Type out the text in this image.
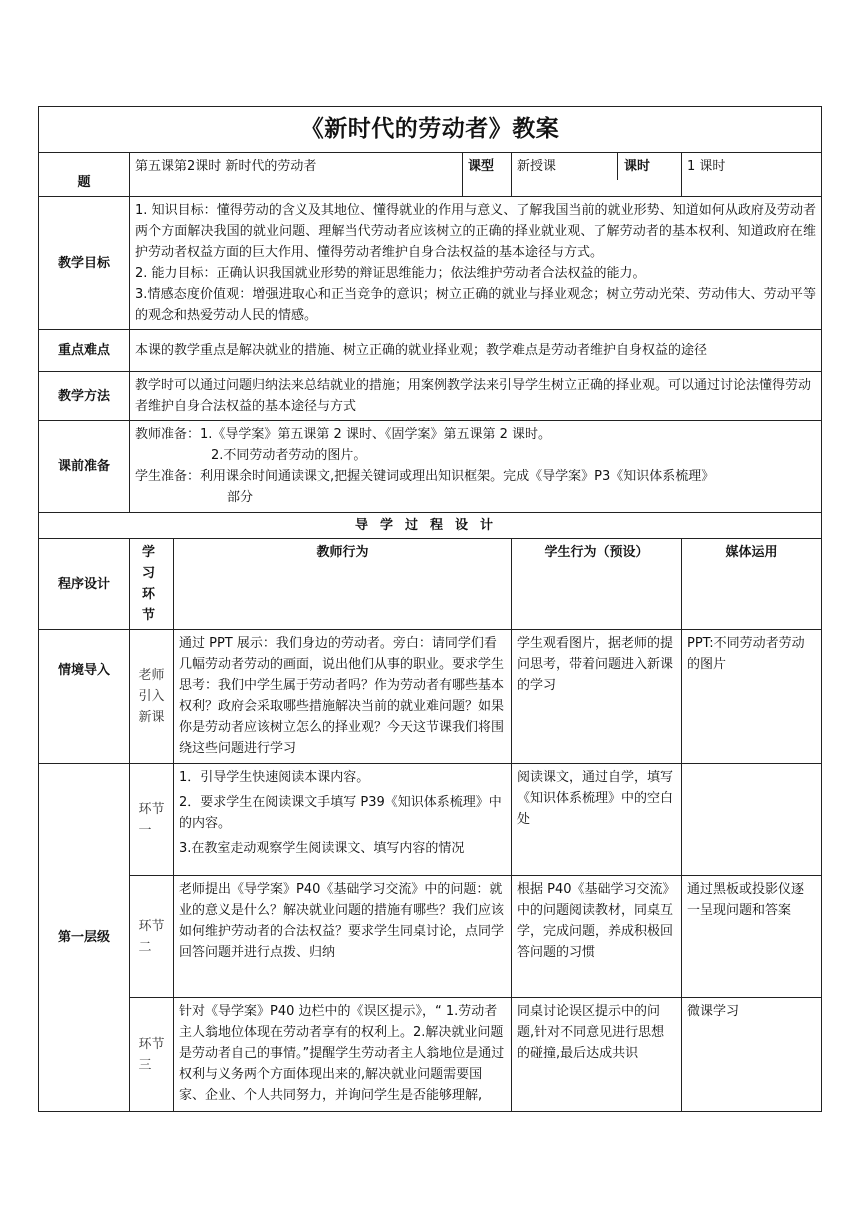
《新时代的劳动者》教案					
题	第五课第2课时 新时代的劳动者		课型	新授课 课时	1 课时
教学目标	1. 知识目标：懂得劳动的含义及其地位、懂得就业的作用与意义、了解我国当前的就业形势、知道如何从政府及劳动者两个方面解决我国的就业问题、理解当代劳动者应该树立的正确的择业就业观、了解劳动者的基本权利、知道政府在维护劳动者权益方面的巨大作用、懂得劳动者维护自身合法权益的基本途径与方式。

2. 能力目标：正确认识我国就业形势的辩证思维能力；依法维护劳动者合法权益的能力。

3.情感态度价值观：增强进取心和正当竞争的意识；树立正确的就业与择业观念；树立劳动光荣、劳动伟大、劳动平等的观念和热爱劳动人民的情感。				

重点难点	本课的教学重点是解决就业的措施、树立正确的就业择业观；教学难点是劳动者维护自身权益的途径				
教学方法	教学时可以通过问题归纳法来总结就业的措施；用案例教学法来引导学生树立正确的择业观。可以通过讨论法懂得劳动者维护自身合法权益的基本途径与方式				
课前准备	教师准备：1.《导学案》第五课第 2 课时、《固学案》第五课第 2 课时。

2.不同劳动者劳动的图片。

学生准备：利用课余时间通读课文,把握关键词或理出知识框架。完成《导学案》P3《知识体系梳理》

部分				

导学过程设计					
程序设计	学习环节	教师行为		学生行为（预设）	媒体运用
情境导入	老师引入新课	通过 PPT 展示：我们身边的劳动者。旁白：请同学们看几幅劳动者劳动的画面，说出他们从事的职业。要求学生思考：我们中学生属于劳动者吗？作为劳动者有哪些基本权利？政府会采取哪些措施解决当前的就业难问题？如果你是劳动者应该树立怎么的择业观？今天这节课我们将围绕这些问题进行学习		学生观看图片，据老师的提问思考，带着问题进入新课的学习	PPT:不同劳动者劳动的图片
第一层级	环节一	1．引导学生快速阅读本课内容。

2．要求学生在阅读课文手填写 P39《知识体系梳理》中的内容。

3.在教室走动观察学生阅读课文、填写内容的情况		阅读课文，通过自学，填写《知识体系梳理》中的空白处	
	环节二	老师提出《导学案》P40《基础学习交流》中的问题：就业的意义是什么？解决就业问题的措施有哪些？我们应该如何维护劳动者的合法权益？要求学生同桌讨论，点同学回答问题并进行点拨、归纳		根据 P40《基础学习交流》中的问题阅读教材，同桌互学，完成问题，养成积极回答问题的习惯	通过黑板或投影仪逐一呈现问题和答案
	环节三	针对《导学案》P40 边栏中的《误区提示》，“ 1.劳动者主人翁地位体现在劳动者享有的权利上。2.解决就业问题是劳动者自己的事情。”提醒学生劳动者主人翁地位是通过权利与义务两个方面体现出来的,解决就业问题需要国家、企业、个人共同努力，并询问学生是否能够理解,		同桌讨论误区提示中的问题,针对不同意见进行思想的碰撞,最后达成共识	微课学习
